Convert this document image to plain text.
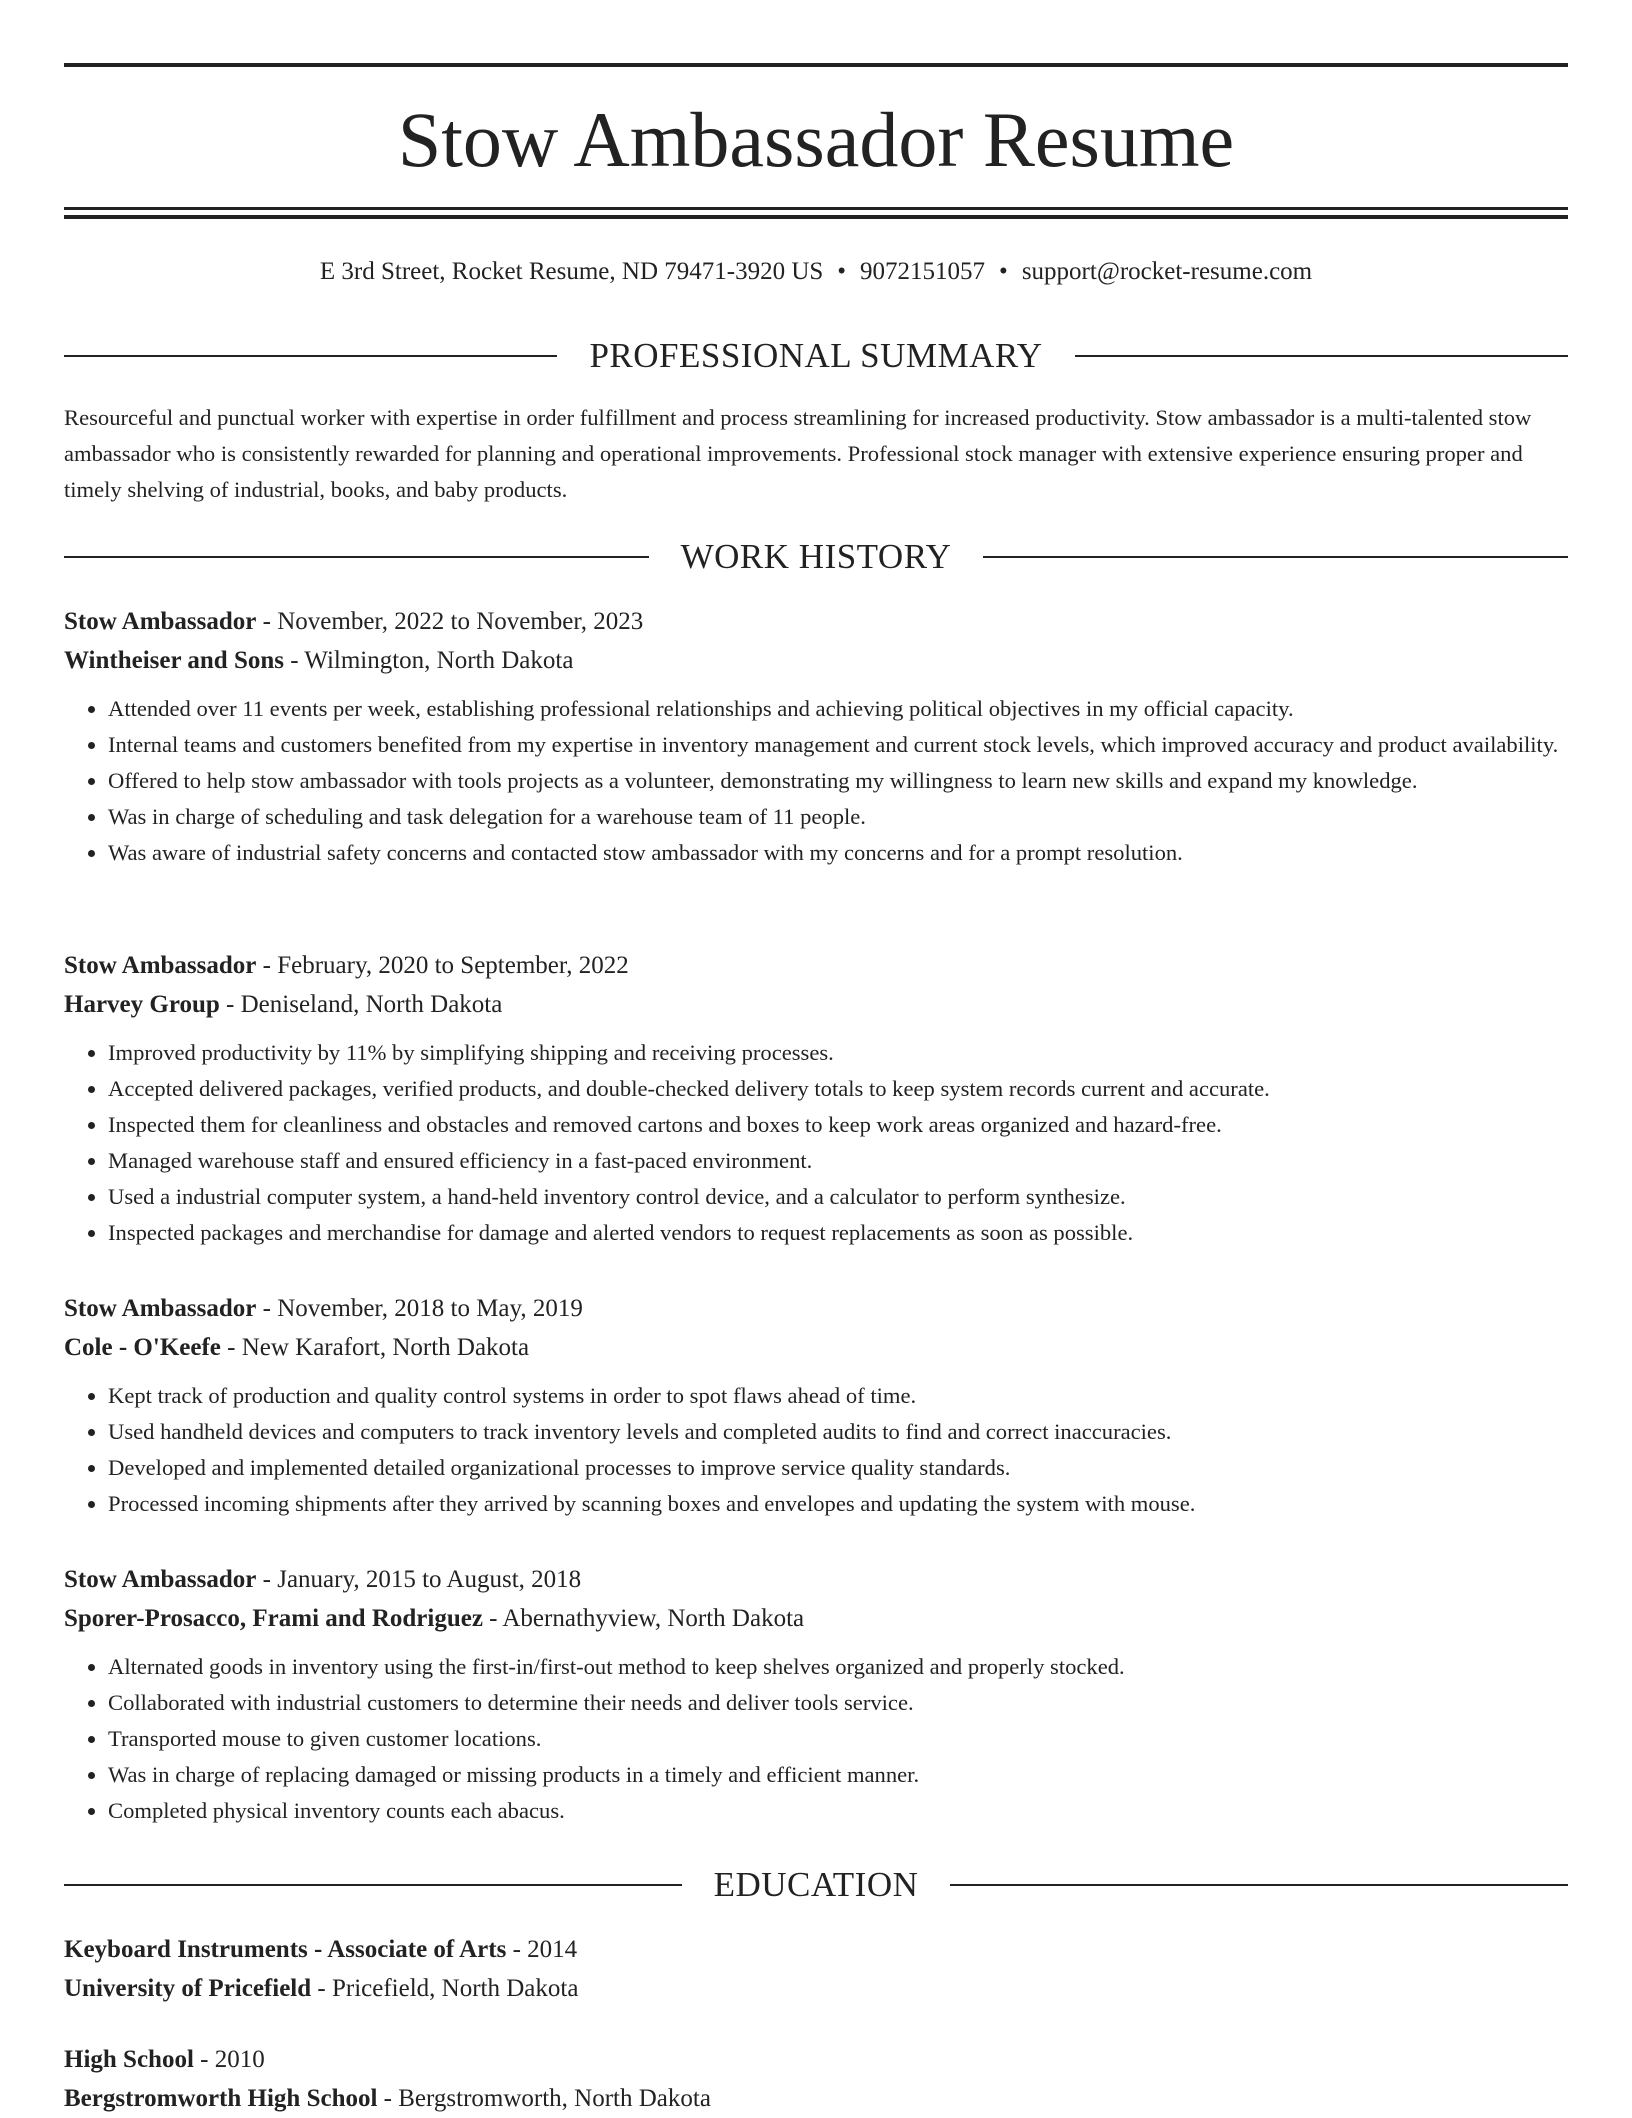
Stow Ambassador Resume
E 3rd Street, Rocket Resume, ND 79471-3920 US • 9072151057 • support@rocket-resume.com
PROFESSIONAL SUMMARY

Resourceful and punctual worker with expertise in order fulfillment and process streamlining for increased productivity. Stow ambassador is a multi-talented stow ambassador who is consistently rewarded for planning and operational improvements. Professional stock manager with extensive experience ensuring proper and timely shelving of industrial, books, and baby products.

WORK HISTORY
Stow Ambassador - November, 2022 to November, 2023
Wintheiser and Sons - Wilmington, North Dakota
• Attended over 11 events per week, establishing professional relationships and achieving political objectives in my official capacity.
• Internal teams and customers benefited from my expertise in inventory management and current stock levels, which improved accuracy and product availability.
• Offered to help stow ambassador with tools projects as a volunteer, demonstrating my willingness to learn new skills and expand my knowledge.
• Was in charge of scheduling and task delegation for a warehouse team of 11 people.
• Was aware of industrial safety concerns and contacted stow ambassador with my concerns and for a prompt resolution.
Stow Ambassador - February, 2020 to September, 2022
Harvey Group - Deniseland, North Dakota
• Improved productivity by 11% by simplifying shipping and receiving processes.
• Accepted delivered packages, verified products, and double-checked delivery totals to keep system records current and accurate.
• Inspected them for cleanliness and obstacles and removed cartons and boxes to keep work areas organized and hazard-free.
• Managed warehouse staff and ensured efficiency in a fast-paced environment.
• Used a industrial computer system, a hand-held inventory control device, and a calculator to perform synthesize.
• Inspected packages and merchandise for damage and alerted vendors to request replacements as soon as possible.
Stow Ambassador - November, 2018 to May, 2019
Cole - O'Keefe - New Karafort, North Dakota
• Kept track of production and quality control systems in order to spot flaws ahead of time.
• Used handheld devices and computers to track inventory levels and completed audits to find and correct inaccuracies.
• Developed and implemented detailed organizational processes to improve service quality standards.
• Processed incoming shipments after they arrived by scanning boxes and envelopes and updating the system with mouse.
Stow Ambassador - January, 2015 to August, 2018
Sporer-Prosacco, Frami and Rodriguez - Abernathyview, North Dakota
• Alternated goods in inventory using the first-in/first-out method to keep shelves organized and properly stocked.
• Collaborated with industrial customers to determine their needs and deliver tools service.
• Transported mouse to given customer locations.
• Was in charge of replacing damaged or missing products in a timely and efficient manner.
• Completed physical inventory counts each abacus.
EDUCATION
Keyboard Instruments - Associate of Arts - 2014
University of Pricefield - Pricefield, North Dakota
High School - 2010
Bergstromworth High School - Bergstromworth, North Dakota
